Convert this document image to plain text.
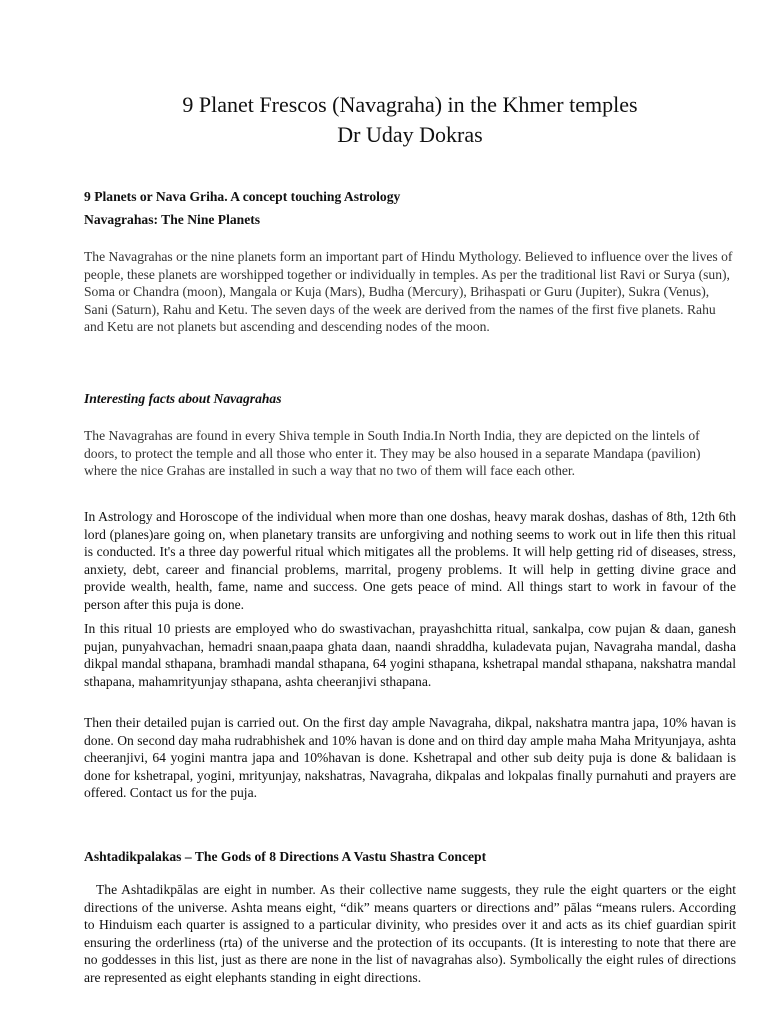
9 Planet Frescos (Navagraha) in the Khmer temples
Dr Uday Dokras
9 Planets or Nava Griha. A concept touching Astrology
Navagrahas: The Nine Planets

The Navagrahas or the nine planets form an important part of Hindu Mythology. Believed to influence over the lives of people, these planets are worshipped together or individually in temples. As per the traditional list Ravi or Surya (sun), Soma or Chandra (moon), Mangala or Kuja (Mars), Budha (Mercury), Brihaspati or Guru (Jupiter), Sukra (Venus), Sani (Saturn), Rahu and Ketu. The seven days of the week are derived from the names of the first five planets. Rahu and Ketu are not planets but ascending and descending nodes of the moon.

Interesting facts about Navagrahas

The Navagrahas are found in every Shiva temple in South India.In North India, they are depicted on the lintels of doors, to protect the temple and all those who enter it. They may be also housed in a separate Mandapa (pavilion) where the nice Grahas are installed in such a way that no two of them will face each other.

In Astrology and Horoscope of the individual when more than one doshas, heavy marak doshas, dashas of 8th, 12th 6th lord (planes)are going on, when planetary transits are unforgiving and nothing seems to work out in life then this ritual is conducted. It's a three day powerful ritual which mitigates all the problems. It will help getting rid of diseases, stress, anxiety, debt, career and financial problems, marrital, progeny problems. It will help in getting divine grace and provide wealth, health, fame, name and success. One gets peace of mind. All things start to work in favour of the person after this puja is done.

In this ritual 10 priests are employed who do swastivachan, prayashchitta ritual, sankalpa, cow pujan & daan, ganesh pujan, punyahvachan, hemadri snaan,paapa ghata daan, naandi shraddha, kuladevata pujan, Navagraha mandal, dasha dikpal mandal sthapana, bramhadi mandal sthapana, 64 yogini sthapana, kshetrapal mandal sthapana, nakshatra mandal sthapana, mahamrityunjay sthapana, ashta cheeranjivi sthapana.

Then their detailed pujan is carried out. On the first day ample Navagraha, dikpal, nakshatra mantra japa, 10% havan is done. On second day maha rudrabhishek and 10% havan is done and on third day ample maha Maha Mrityunjaya, ashta cheeranjivi, 64 yogini mantra japa and 10%havan is done. Kshetrapal and other sub deity puja is done & balidaan is done for kshetrapal, yogini, mrityunjay, nakshatras, Navagraha, dikpalas and lokpalas finally purnahuti and prayers are offered. Contact us for the puja.

Ashtadikpalakas – The Gods of 8 Directions A Vastu Shastra Concept

The Ashtadikpālas are eight in number. As their collective name suggests, they rule the eight quarters or the eight directions of the universe. Ashta means eight, “dik” means quarters or directions and” pālas “means rulers. According to Hinduism each quarter is assigned to a particular divinity, who presides over it and acts as its chief guardian spirit ensuring the orderliness (rta) of the universe and the protection of its occupants. (It is interesting to note that there are no goddesses in this list, just as there are none in the list of navagrahas also). Symbolically the eight rules of directions are represented as eight elephants standing in eight directions.
